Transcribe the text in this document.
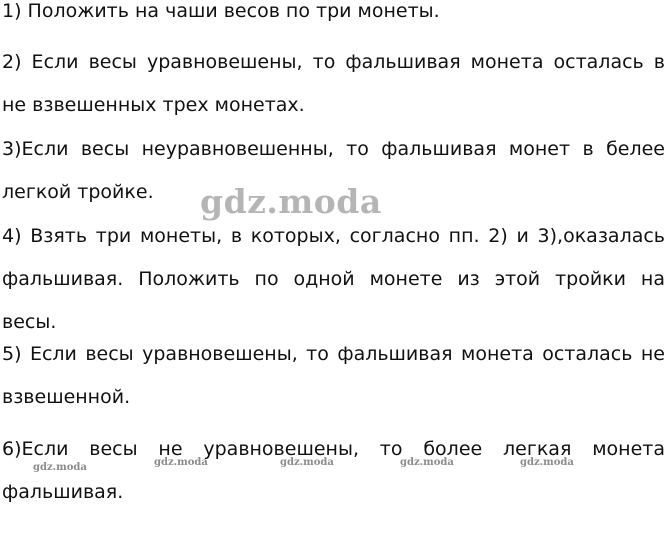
1) Положить на чаши весов по три монеты.

2) Если весы уравновешены, то фальшивая монета осталась в
не взвешенных трех монетах.

3)Если весы неуравновешенны, то фальшивая монет в белее
легкой тройке.

4) Взять три монеты, в которых, согласно пп. 2) и 3),оказалась
фальшивая. Положить по одной монете из этой тройки на
весы.

5) Если весы уравновешены, то фальшивая монета осталась не
взвешенной.

6)Если весы не уравновешены, то более легкая монета
фальшивая.

gdz.moda
gdz.moda	gdz.moda	gdz.moda	gdz.moda	gdz.moda
